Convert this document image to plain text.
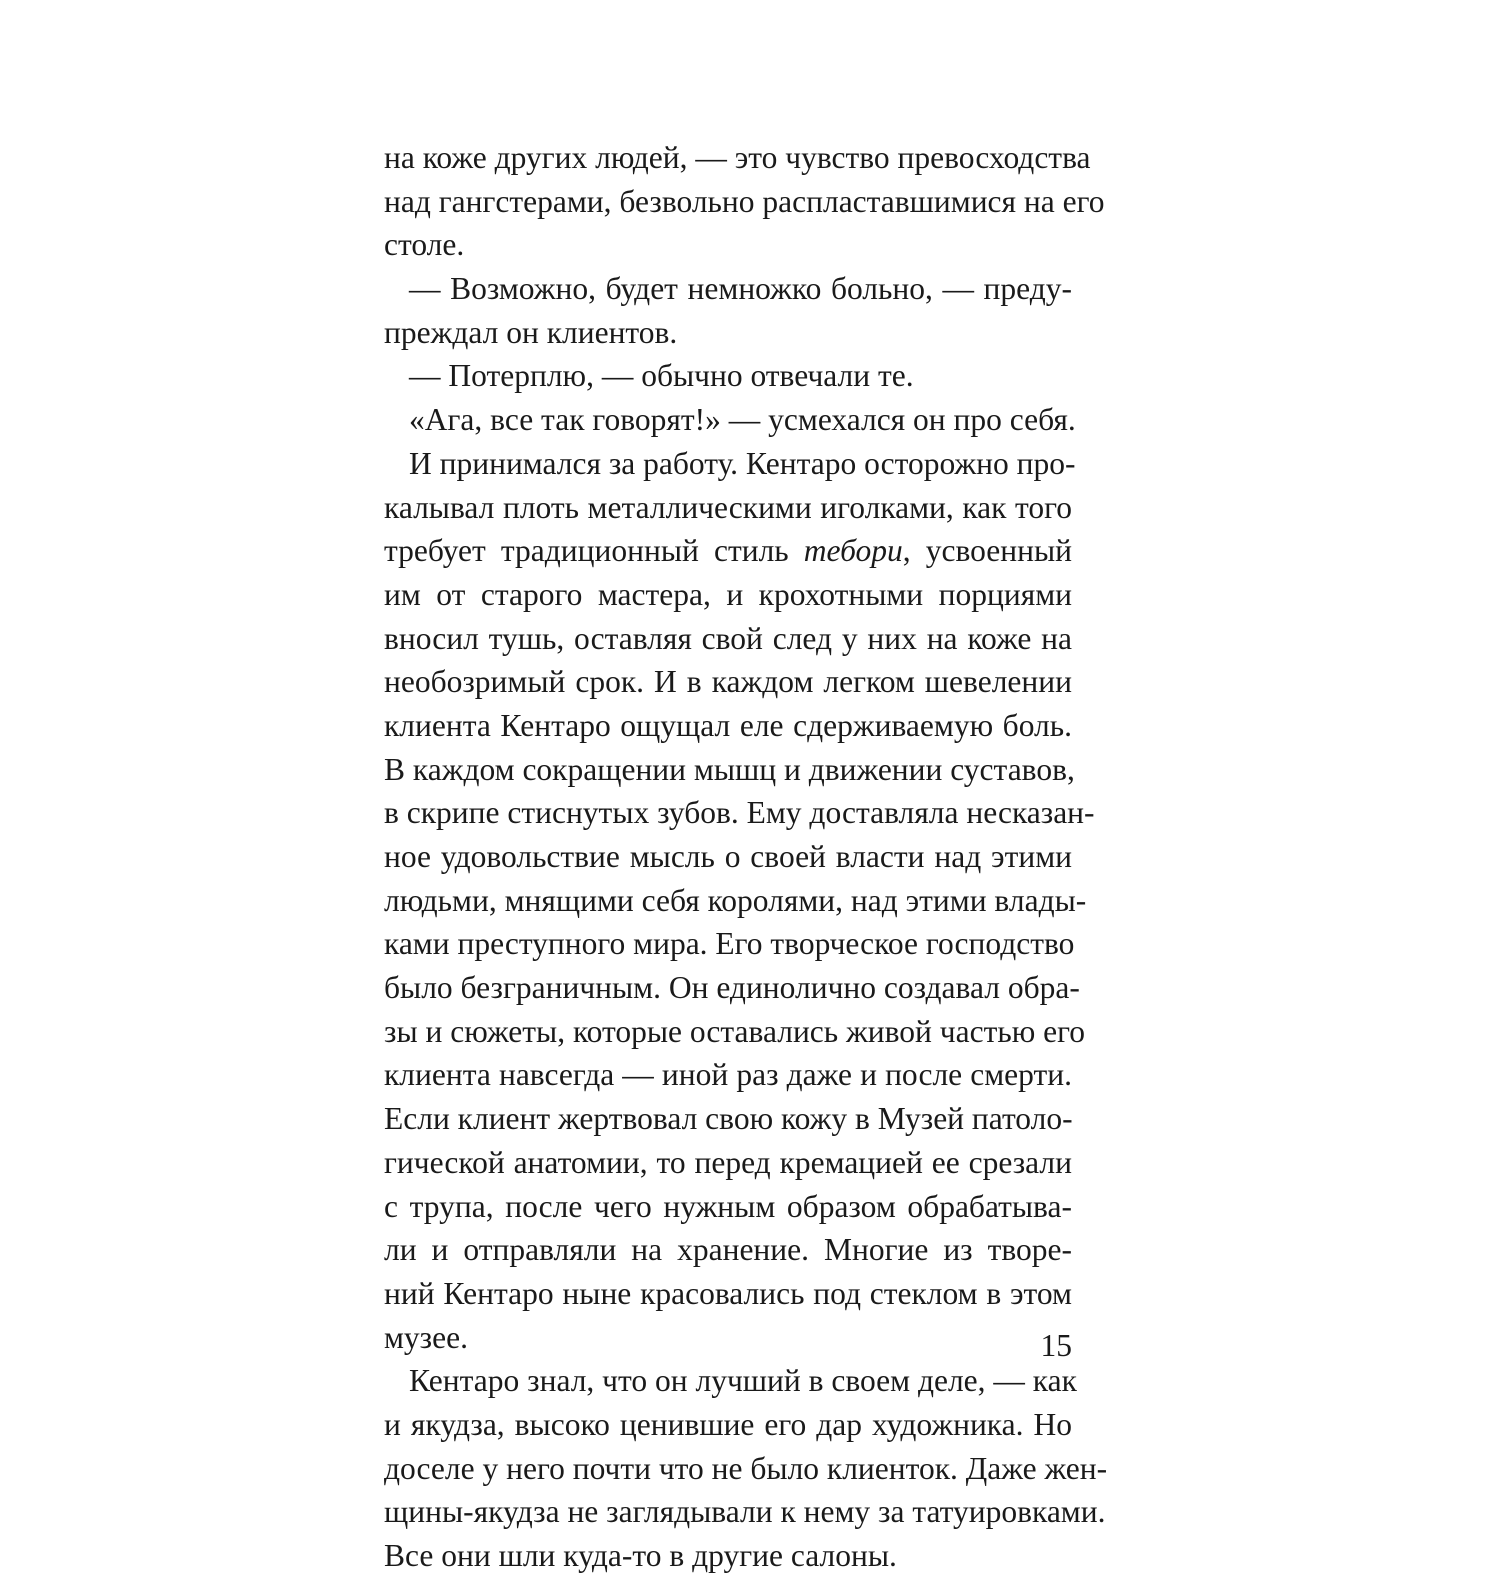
на коже других людей, — это чувство превосходства
над гангстерами, безвольно распластавшимися на его
столе.
— Возможно, будет немножко больно, — преду-
преждал он клиентов.
— Потерплю, — обычно отвечали те.
«Ага, все так говорят!» — усмехался он про себя.
И принимался за работу. Кентаро осторожно про-
калывал плоть металлическими иголками, как того
требует традиционный стиль тебори, усвоенный
им от старого мастера, и крохотными порциями
вносил тушь, оставляя свой след у них на коже на
необозримый срок. И в каждом легком шевелении
клиента Кентаро ощущал еле сдерживаемую боль.
В каждом сокращении мышц и движении суставов,
в скрипе стиснутых зубов. Ему доставляла несказан-
ное удовольствие мысль о своей власти над этими
людьми, мнящими себя королями, над этими влады-
ками преступного мира. Его творческое господство
было безграничным. Он единолично создавал обра-
зы и сюжеты, которые оставались живой частью его
клиента навсегда — иной раз даже и после смерти.
Если клиент жертвовал свою кожу в Музей патоло-
гической анатомии, то перед кремацией ее срезали
с трупа, после чего нужным образом обрабатыва-
ли и отправляли на хранение. Многие из творе-
ний Кентаро ныне красовались под стеклом в этом
музее.
Кентаро знал, что он лучший в своем деле, — как
и якудза, высоко ценившие его дар художника. Но
доселе у него почти что не было клиенток. Даже жен-
щины-якудза не заглядывали к нему за татуировками.
Все они шли куда-то в другие салоны.
15
